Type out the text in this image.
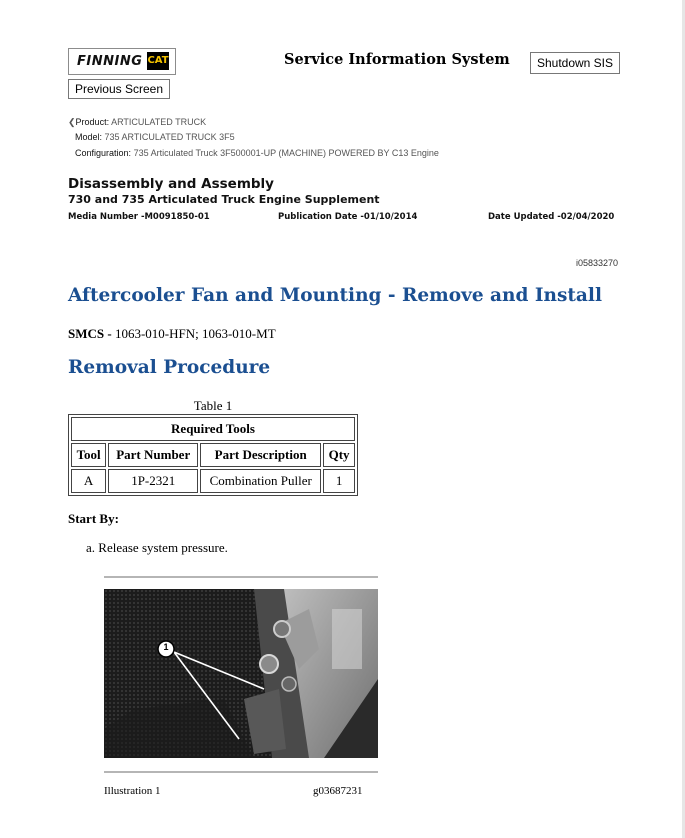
FINNING CAT
Previous Screen
Service Information System	Shutdown SIS
❮Product: ARTICULATED TRUCK
Model: 735 ARTICULATED TRUCK 3F5
Configuration: 735 Articulated Truck 3F500001-UP (MACHINE) POWERED BY C13 Engine
Disassembly and Assembly
730 and 735 Articulated Truck Engine Supplement
Media Number -M0091850-01	Publication Date -01/10/2014	Date Updated -02/04/2020
i05833270
Aftercooler Fan and Mounting - Remove and Install
SMCS - 1063-010-HFN; 1063-010-MT
Removal Procedure
Table 1
Required Tools			
Tool	Part Number	Part Description	Qty
A	1P-2321	Combination Puller	1
Start By:
a. Release system pressure.
1
Illustration 1	g03687231
